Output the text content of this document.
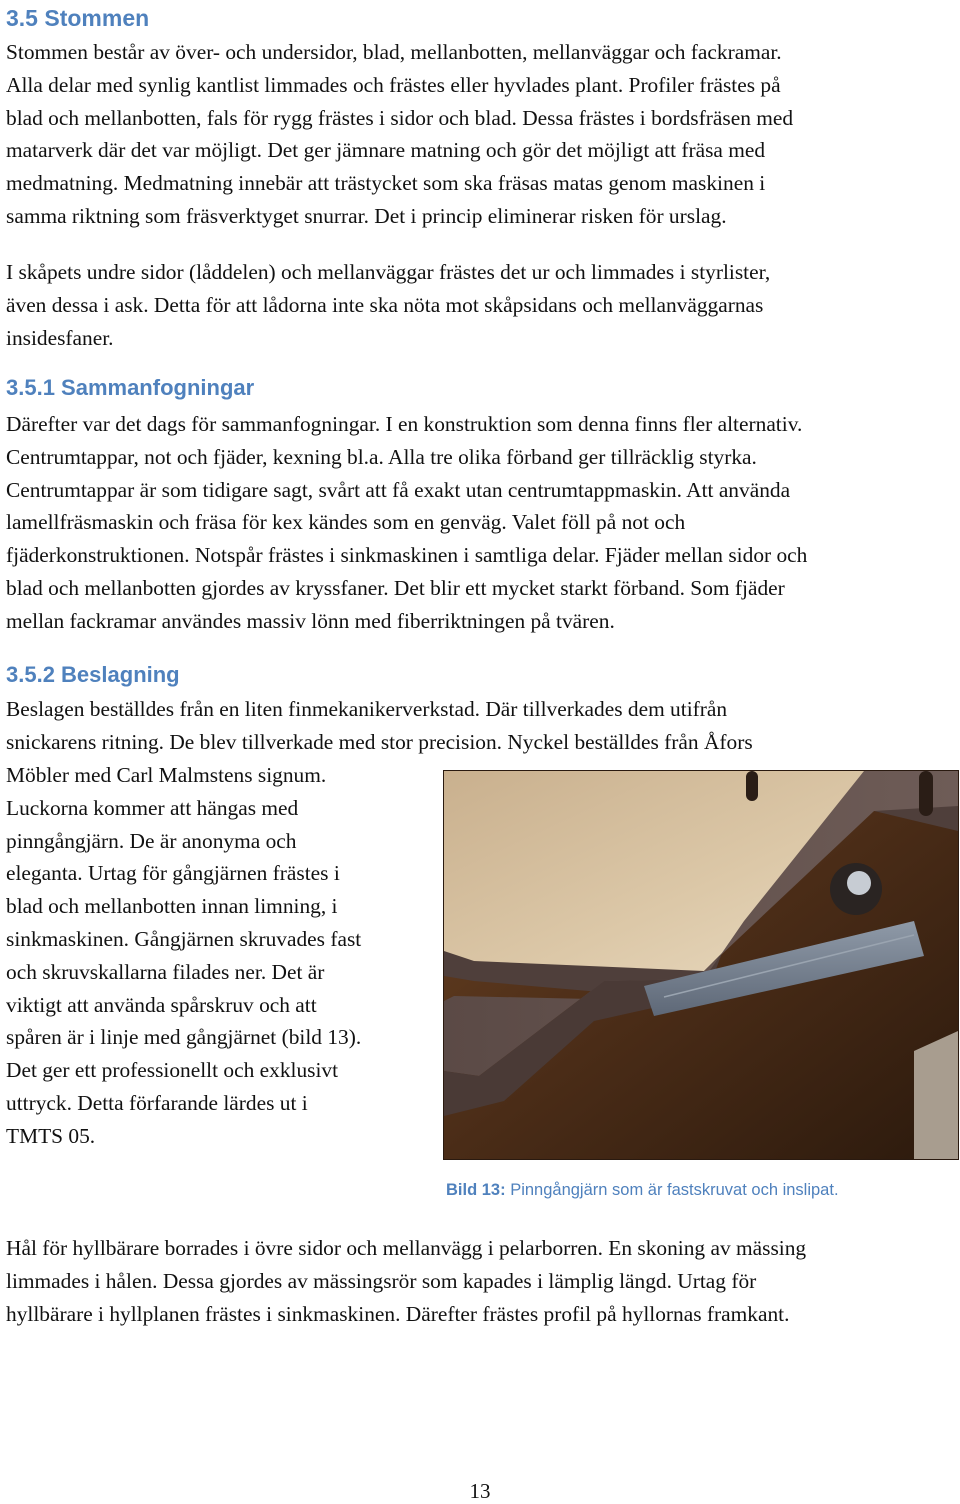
3.5 Stommen
Stommen består av över- och undersidor, blad, mellanbotten, mellanväggar och fackramar.
Alla delar med synlig kantlist limmades och frästes eller hyvlades plant. Profiler frästes på
blad och mellanbotten, fals för rygg frästes i sidor och blad. Dessa frästes i bordsfräsen med
matarverk där det var möjligt. Det ger jämnare matning och gör det möjligt att fräsa med
medmatning. Medmatning innebär att trästycket som ska fräsas matas genom maskinen i
samma riktning som fräsverktyget snurrar. Det i princip eliminerar risken för urslag.
I skåpets undre sidor (låddelen) och mellanväggar frästes det ur och limmades i styrlister,
även dessa i ask. Detta för att lådorna inte ska nöta mot skåpsidans och mellanväggarnas
insidesfaner.
3.5.1 Sammanfogningar
Därefter var det dags för sammanfogningar. I en konstruktion som denna finns fler alternativ.
Centrumtappar, not och fjäder, kexning bl.a. Alla tre olika förband ger tillräcklig styrka.
Centrumtappar är som tidigare sagt, svårt att få exakt utan centrumtappmaskin. Att använda
lamellfräsmaskin och fräsa för kex kändes som en genväg. Valet föll på not och
fjäderkonstruktionen. Notspår frästes i sinkmaskinen i samtliga delar. Fjäder mellan sidor och
blad och mellanbotten gjordes av kryssfaner. Det blir ett mycket starkt förband. Som fjäder
mellan fackramar användes massiv lönn med fiberriktningen på tvären.
3.5.2 Beslagning
Beslagen beställdes från en liten finmekanikerverkstad. Där tillverkades dem utifrån
snickarens ritning. De blev tillverkade med stor precision. Nyckel beställdes från Åfors
Möbler med Carl Malmstens signum.
Luckorna kommer att hängas med
pinngångjärn. De är anonyma och
eleganta. Urtag för gångjärnen frästes i
blad och mellanbotten innan limning, i
sinkmaskinen. Gångjärnen skruvades fast
och skruvskallarna filades ner. Det är
viktigt att använda spårskruv och att
spåren är i linje med gångjärnet (bild 13).
Det ger ett professionellt och exklusivt
uttryck. Detta förfarande lärdes ut i
TMTS 05.
Bild 13: Pinngångjärn som är fastskruvat och inslipat.
Hål för hyllbärare borrades i övre sidor och mellanvägg i pelarborren. En skoning av mässing
limmades i hålen. Dessa gjordes av mässingsrör som kapades i lämplig längd. Urtag för
hyllbärare i hyllplanen frästes i sinkmaskinen. Därefter frästes profil på hyllornas framkant.
13
